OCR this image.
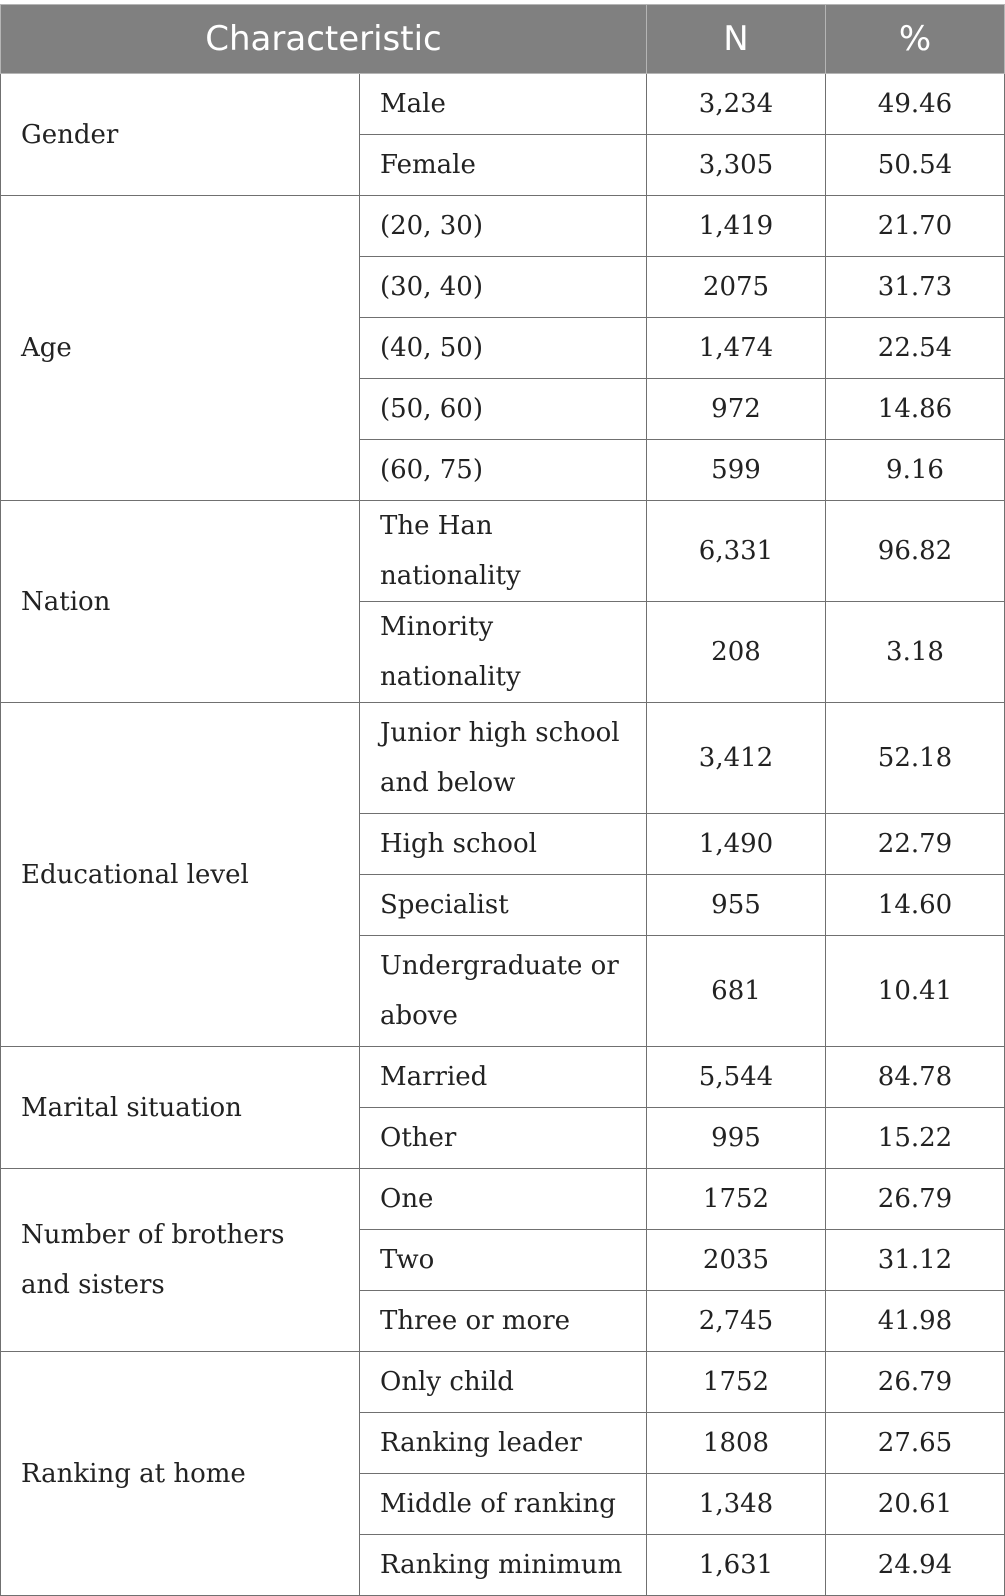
Characteristic		N	%
Gender	Male	3,234	49.46
	Female	3,305	50.54
Age	(20, 30)	1,419	21.70
	(30, 40)	2075	31.73
	(40, 50)	1,474	22.54
	(50, 60)	972	14.86
	(60, 75)	599	9.16
Nation	The Han nationality	6,331	96.82
	Minority nationality	208	3.18
Educational level	Junior high school and below	3,412	52.18
	High school	1,490	22.79
	Specialist	955	14.60
	Undergraduate or above	681	10.41
Marital situation	Married	5,544	84.78
	Other	995	15.22
Number of brothers and sisters	One	1752	26.79
	Two	2035	31.12
	Three or more	2,745	41.98
Ranking at home	Only child	1752	26.79
	Ranking leader	1808	27.65
	Middle of ranking	1,348	20.61
	Ranking minimum	1,631	24.94
